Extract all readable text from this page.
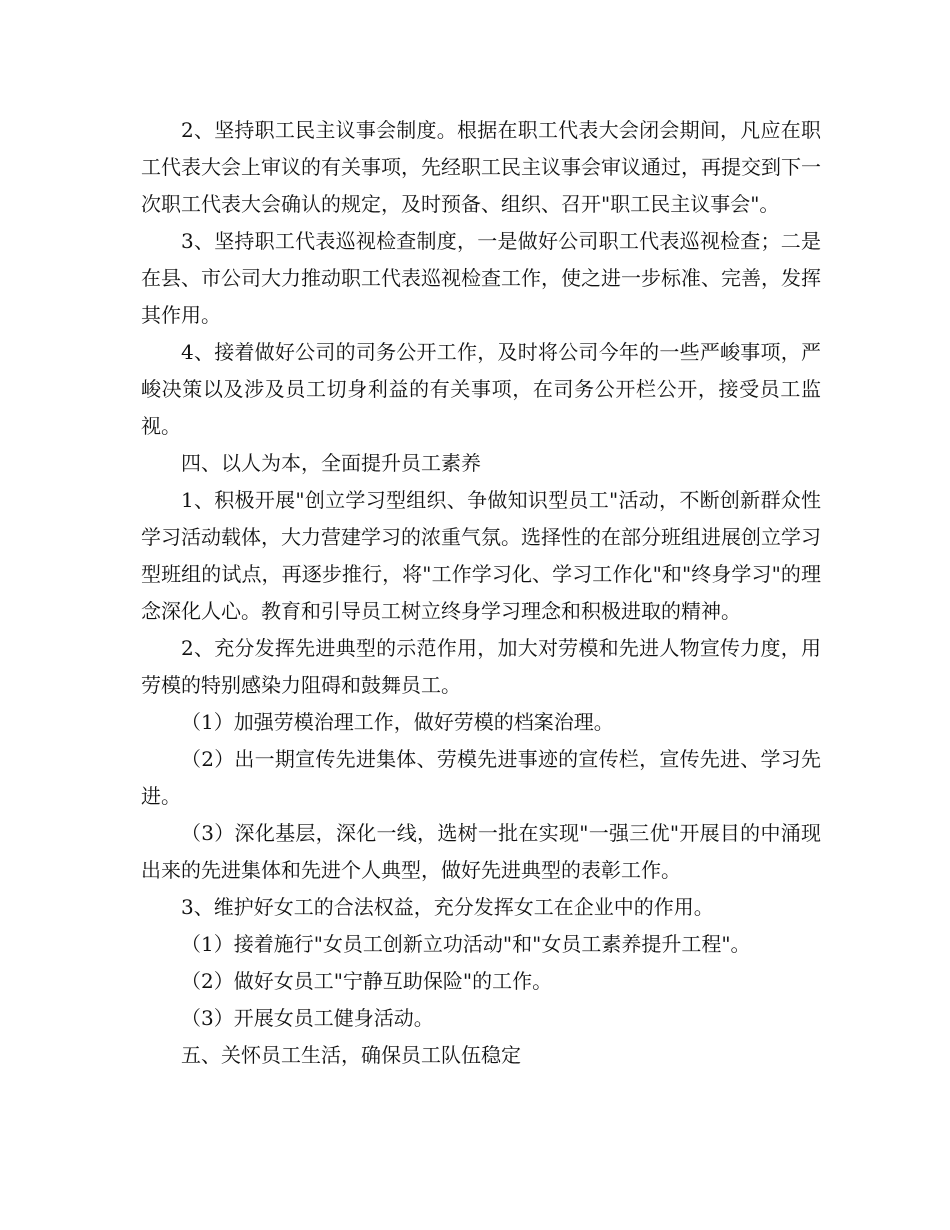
2、坚持职工民主议事会制度。根据在职工代表大会闭会期间，凡应在职工代表大会上审议的有关事项，先经职工民主议事会审议通过，再提交到下一次职工代表大会确认的规定，及时预备、组织、召开"职工民主议事会"。

3、坚持职工代表巡视检查制度，一是做好公司职工代表巡视检查；二是在县、市公司大力推动职工代表巡视检查工作，使之进一步标准、完善，发挥其作用。

4、接着做好公司的司务公开工作，及时将公司今年的一些严峻事项，严峻决策以及涉及员工切身利益的有关事项，在司务公开栏公开，接受员工监视。

四、以人为本，全面提升员工素养

1、积极开展"创立学习型组织、争做知识型员工"活动，不断创新群众性学习活动载体，大力营建学习的浓重气氛。选择性的在部分班组进展创立学习型班组的试点，再逐步推行，将"工作学习化、学习工作化"和"终身学习"的理念深化人心。教育和引导员工树立终身学习理念和积极进取的精神。

2、充分发挥先进典型的示范作用，加大对劳模和先进人物宣传力度，用劳模的特别感染力阻碍和鼓舞员工。

（1）加强劳模治理工作，做好劳模的档案治理。

（2）出一期宣传先进集体、劳模先进事迹的宣传栏，宣传先进、学习先进。

（3）深化基层，深化一线，选树一批在实现"一强三优"开展目的中涌现出来的先进集体和先进个人典型，做好先进典型的表彰工作。

3、维护好女工的合法权益，充分发挥女工在企业中的作用。

（1）接着施行"女员工创新立功活动"和"女员工素养提升工程"。

（2）做好女员工"宁静互助保险"的工作。

（3）开展女员工健身活动。

五、关怀员工生活，确保员工队伍稳定
